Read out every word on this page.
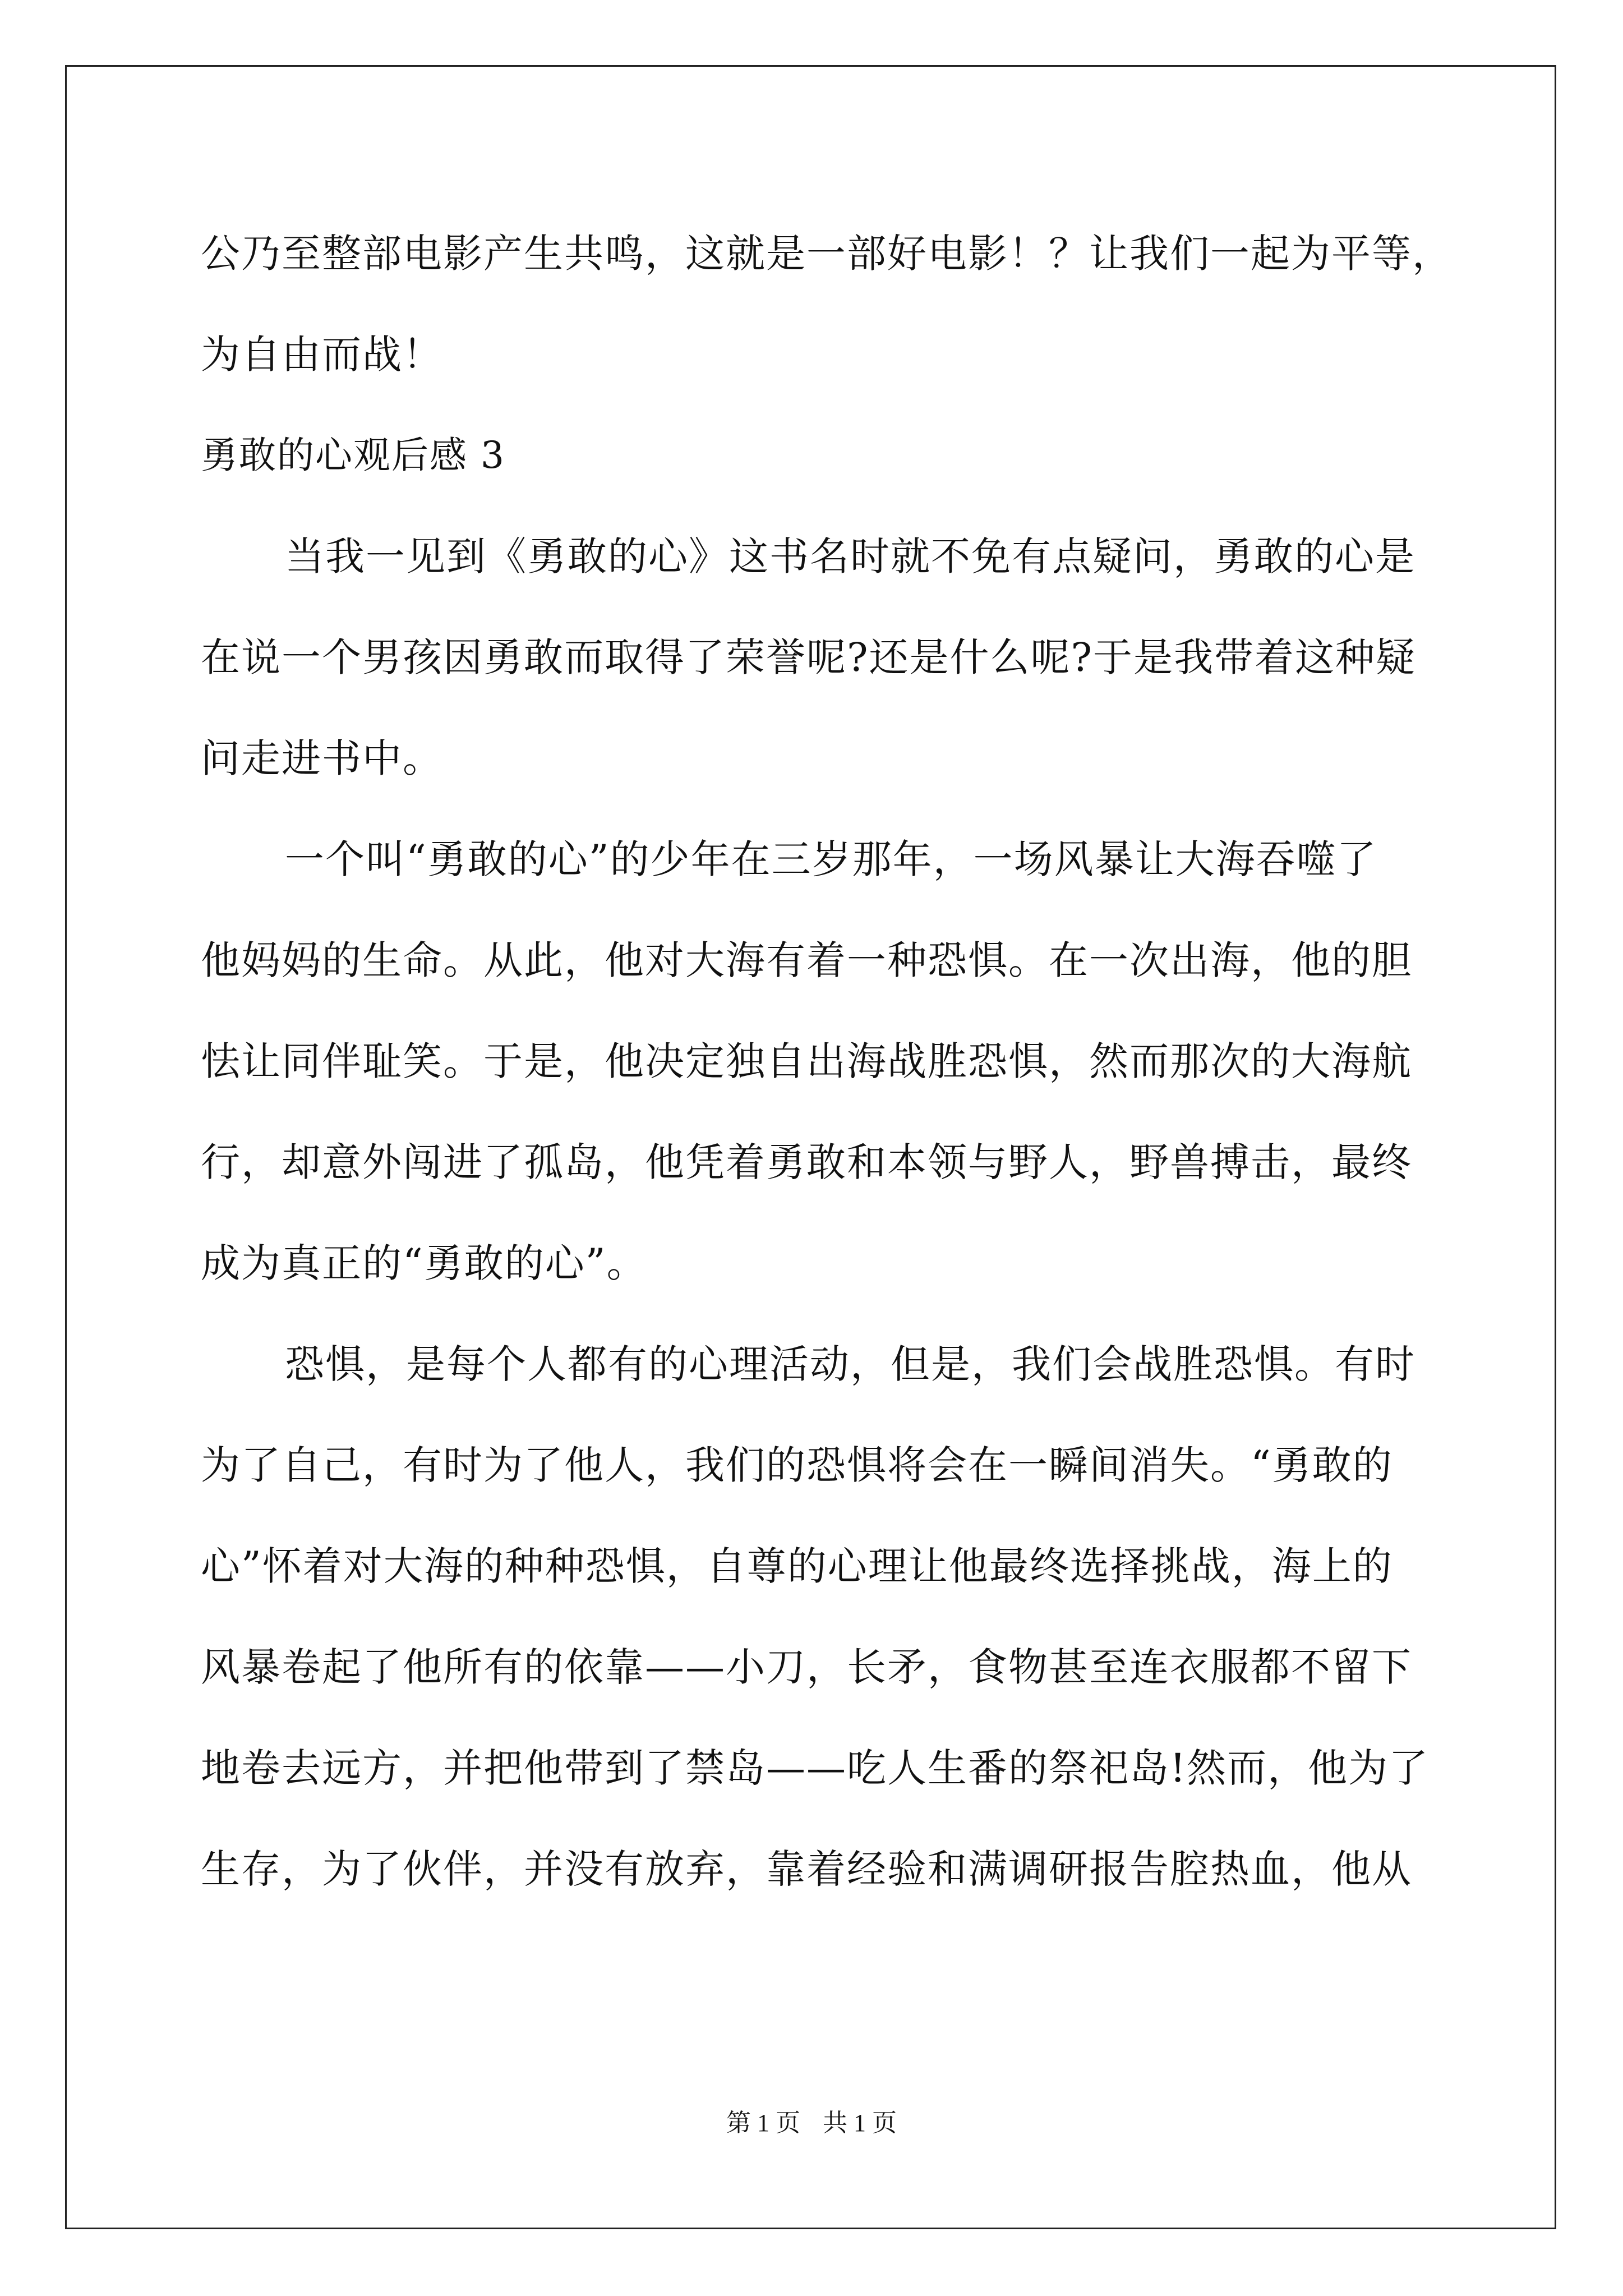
公乃至整部电影产生共鸣，这就是一部好电影！？让我们一起为平等，
为自由而战！
勇敢的心观后感 3
当我一见到《勇敢的心》这书名时就不免有点疑问，勇敢的心是
在说一个男孩因勇敢而取得了荣誉呢?还是什么呢?于是我带着这种疑
问走进书中。
一个叫“勇敢的心”的少年在三岁那年，一场风暴让大海吞噬了
他妈妈的生命。从此，他对大海有着一种恐惧。在一次出海，他的胆
怯让同伴耻笑。于是，他决定独自出海战胜恐惧，然而那次的大海航
行，却意外闯进了孤岛，他凭着勇敢和本领与野人，野兽搏击，最终
成为真正的“勇敢的心”。
恐惧，是每个人都有的心理活动，但是，我们会战胜恐惧。有时
为了自己，有时为了他人，我们的恐惧将会在一瞬间消失。“勇敢的
心”怀着对大海的种种恐惧，自尊的心理让他最终选择挑战，海上的
风暴卷起了他所有的依靠——小刀，长矛，食物甚至连衣服都不留下
地卷去远方，并把他带到了禁岛——吃人生番的祭祀岛!然而，他为了
生存，为了伙伴，并没有放弃，靠着经验和满调研报告腔热血，他从
第 1 页 共 1 页
